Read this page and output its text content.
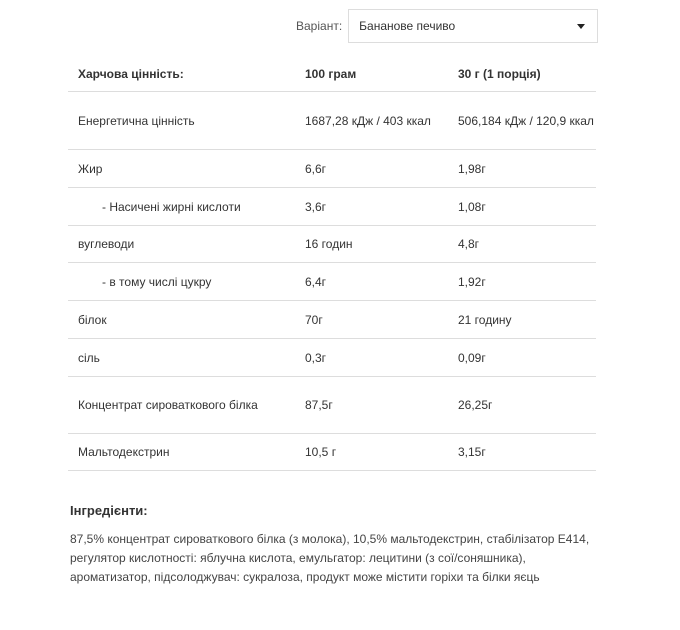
Варіант:	Бананове печиво
Харчова цінність:	100 грам	30 г (1 порція)
Енергетична цінність	1687,28 кДж / 403 ккал	506,184 кДж / 120,9 ккал
Жир	6,6г	1,98г
- Насичені жирні кислоти	3,6г	1,08г
вуглеводи	16 годин	4,8г
- в тому числі цукру	6,4г	1,92г
білок	70г	21 годину
сіль	0,3г	0,09г
Концентрат сироваткового білка	87,5г	26,25г
Мальтодекстрин	10,5 г	3,15г
Інгредієнти:
87,5% концентрат сироваткового білка (з молока), 10,5% мальтодекстрин, стабілізатор Е414, регулятор кислотності: яблучна кислота, емульгатор: лецитини (з сої/соняшника), ароматизатор, підсолоджувач: сукралоза, продукт може містити горіхи та білки яєць
